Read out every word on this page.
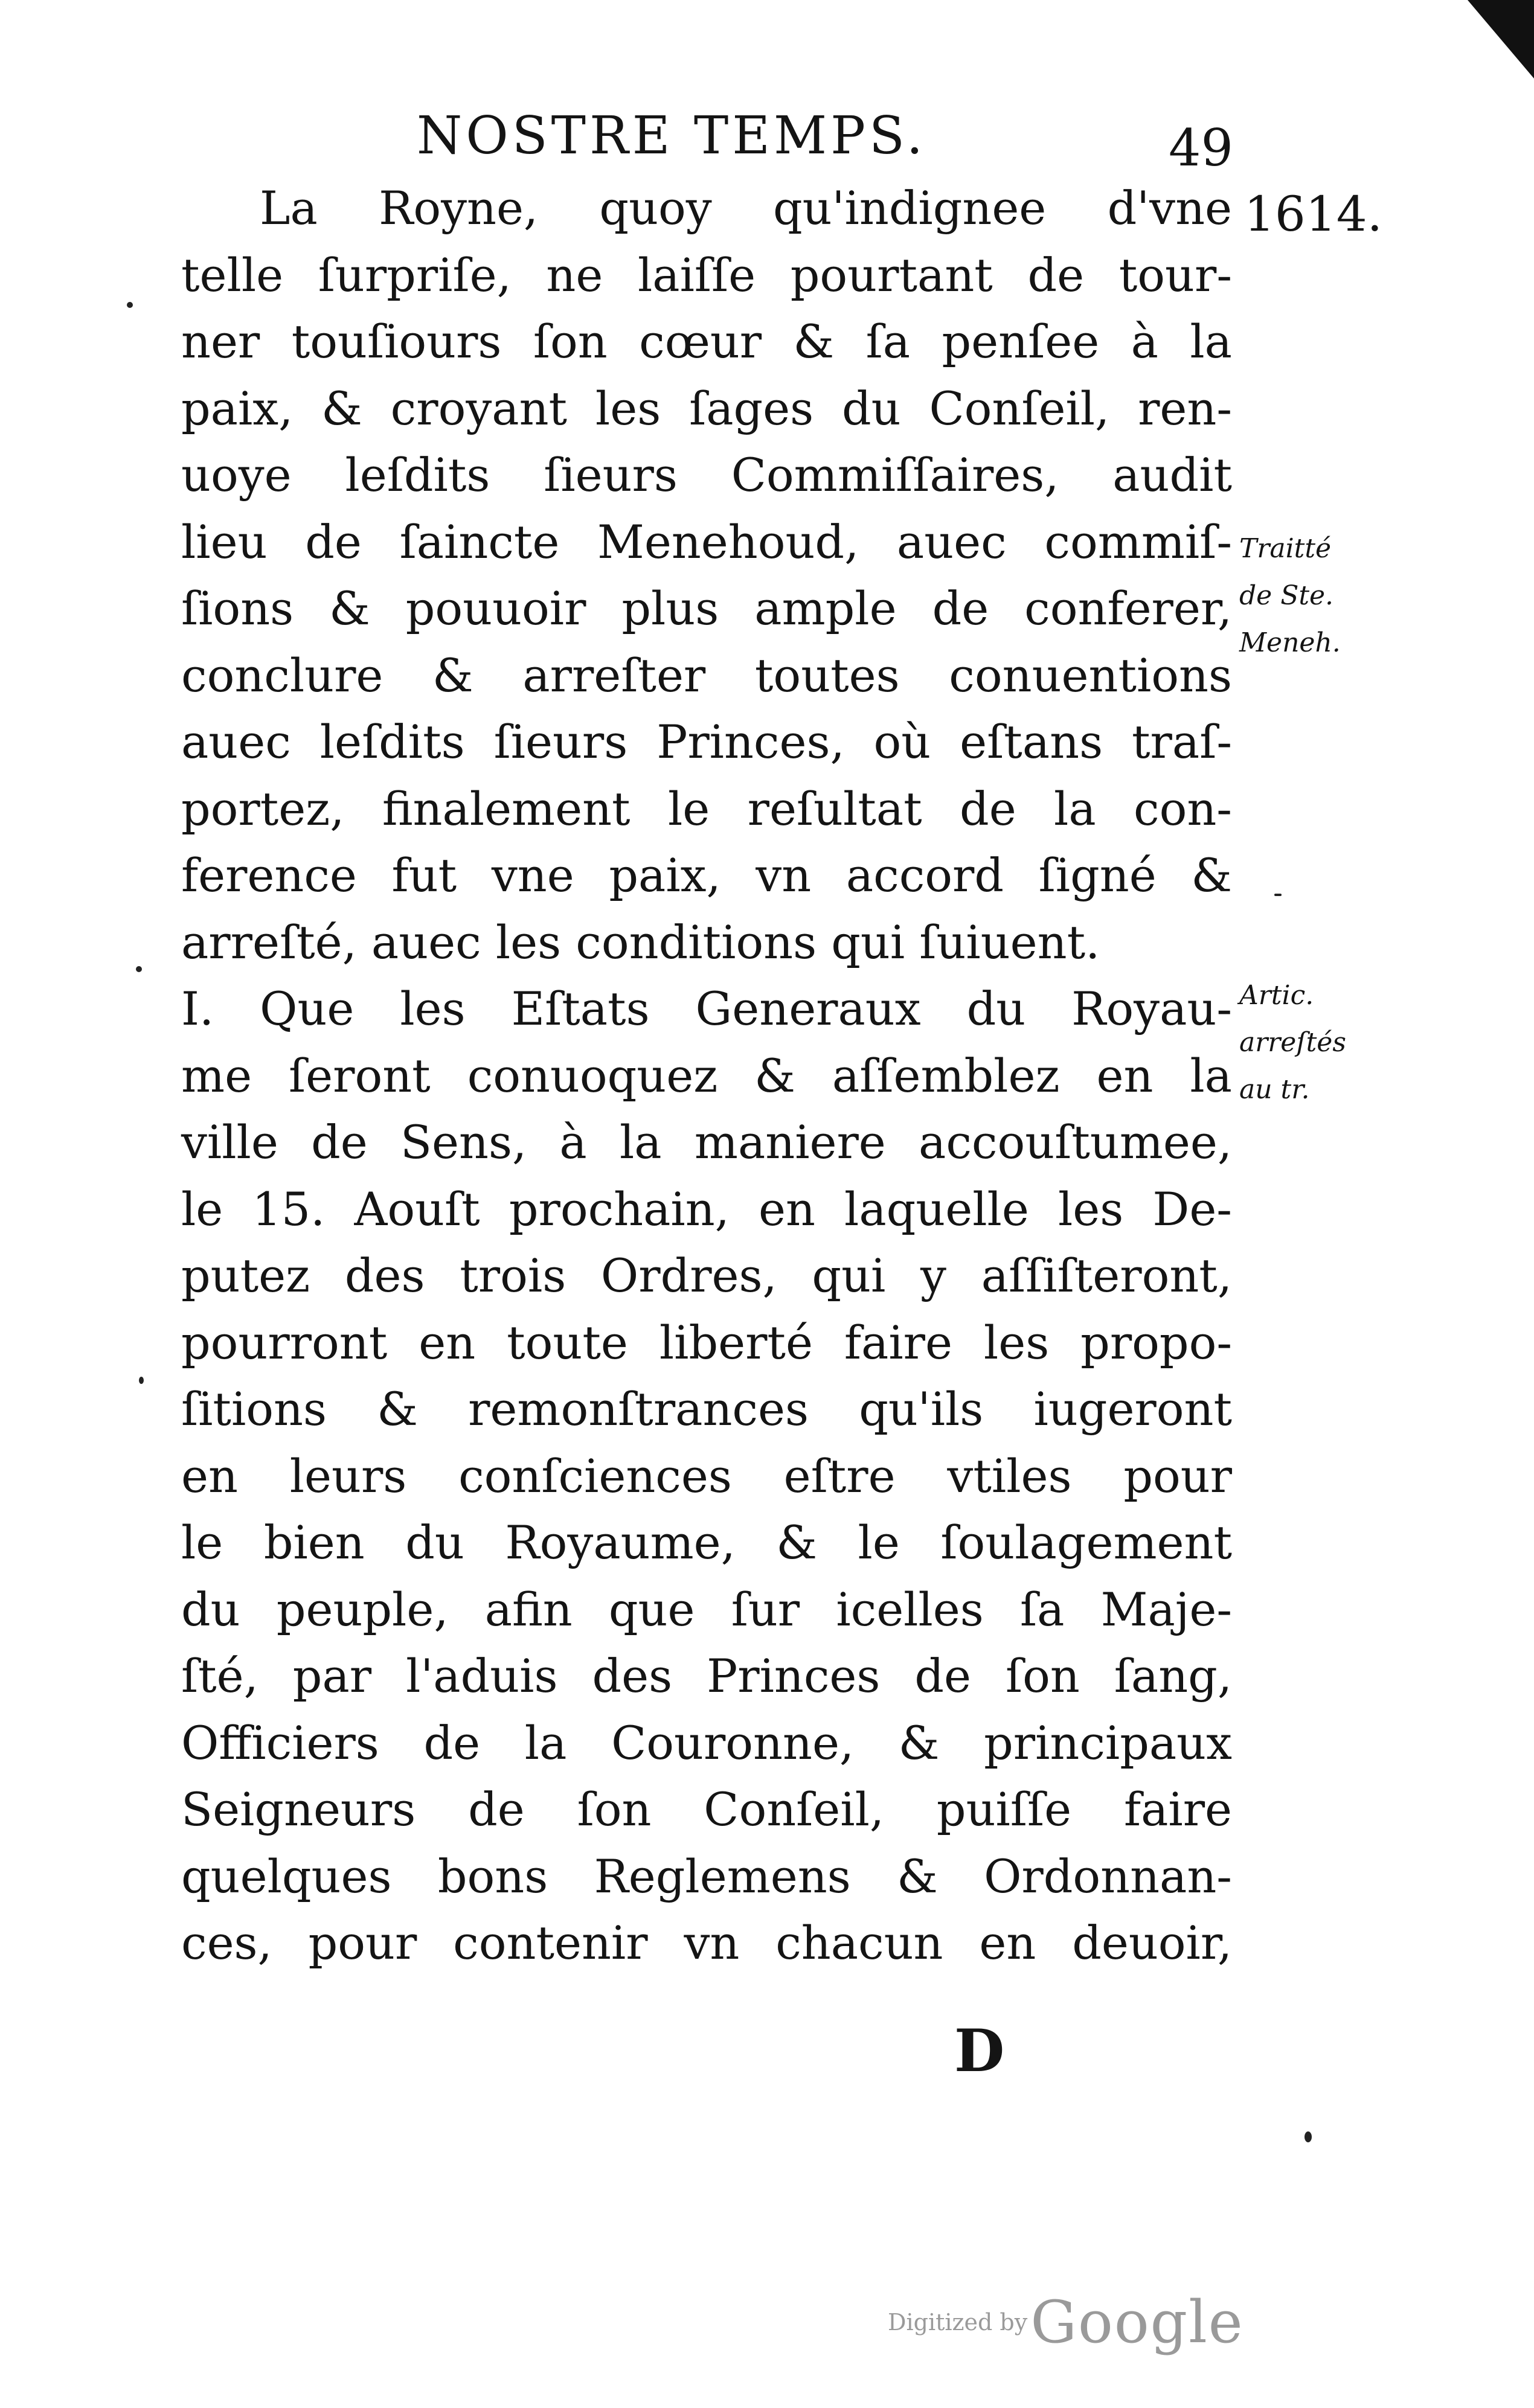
NOSTRE TEMPS.	49
1614.
La Royne, quoy qu'indignee d'vne
telle ſurpriſe, ne laiſſe pourtant de tour-
ner touſiours ſon cœur & ſa penſee à la
paix, & croyant les ſages du Conſeil, ren-
uoye leſdits ſieurs Commiſſaires, audit
lieu de ſaincte Menehoud, auec commiſ-
ſions & pouuoir plus ample de conferer,
conclure & arreſter toutes conuentions
auec leſdits ſieurs Princes, où eſtans traſ-
portez, finalement le reſultat de la con-
ference fut vne paix, vn accord ſigné &
arreſté, auec les conditions qui ſuiuent.
I. Que les Eſtats Generaux du Royau-
me ſeront conuoquez & aſſemblez en la
ville de Sens, à la maniere accouſtumee,
le 15. Aouſt prochain, en laquelle les De-
putez des trois Ordres, qui y aſſiſteront,
pourront en toute liberté faire les propo-
ſitions & remonſtrances qu'ils iugeront
en leurs conſciences eſtre vtiles pour
le bien du Royaume, & le ſoulagement
du peuple, afin que ſur icelles ſa Maje-
ſté, par l'aduis des Princes de ſon ſang,
Officiers de la Couronne, & principaux
Seigneurs de ſon Conſeil, puiſſe faire
quelques bons Reglemens & Ordonnan-
ces, pour contenir vn chacun en deuoir,
Traitté
de Ste.
Meneh.
Artic.
arreſtés
au tr.
D
Digitized by Google
